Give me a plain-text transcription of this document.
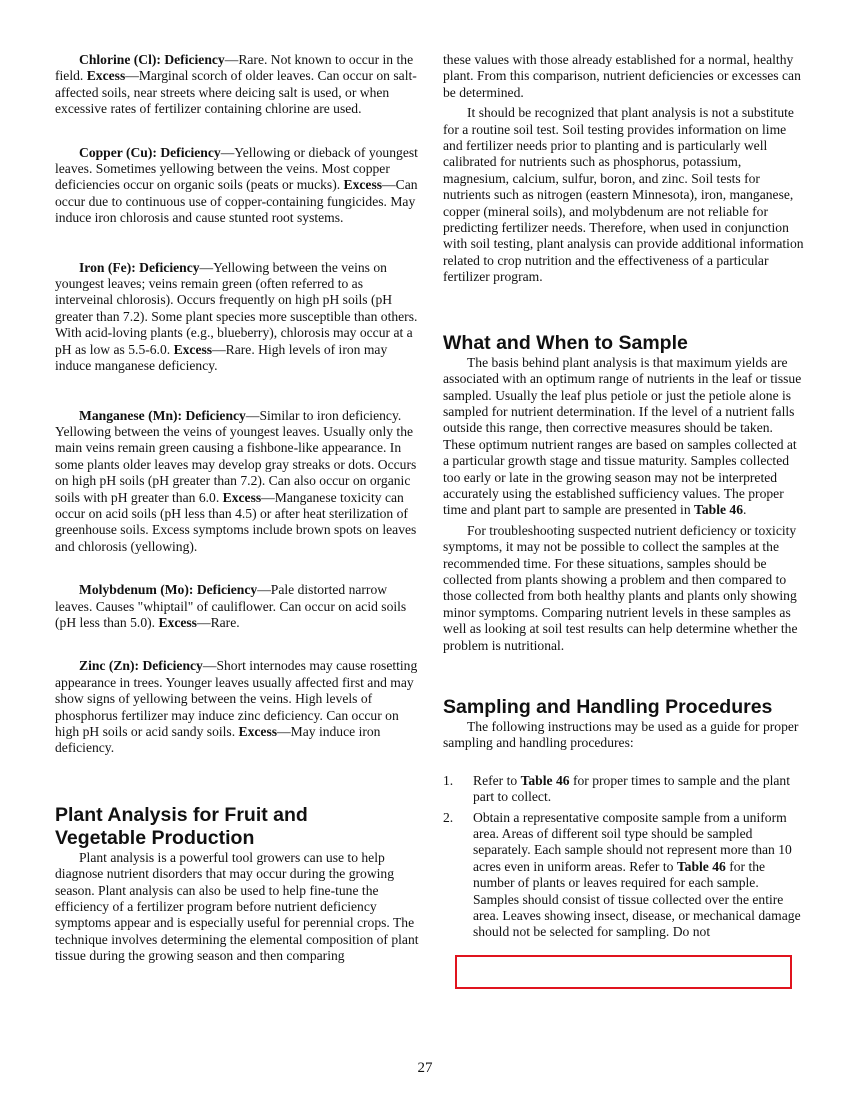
Chlorine (Cl): Deficiency—Rare. Not known to occur in the field. Excess—Marginal scorch of older leaves. Can occur on salt-affected soils, near streets where deicing salt is used, or when excessive rates of fertilizer containing chlorine are used.

Copper (Cu): Deficiency—Yellowing or dieback of youngest leaves. Sometimes yellowing between the veins. Most copper deficiencies occur on organic soils (peats or mucks). Excess—Can occur due to continuous use of copper-containing fungicides. May induce iron chlorosis and cause stunted root systems.

Iron (Fe): Deficiency—Yellowing between the veins on youngest leaves; veins remain green (often referred to as interveinal chlorosis). Occurs frequently on high pH soils (pH greater than 7.2). Some plant species more susceptible than others. With acid-loving plants (e.g., blueberry), chlorosis may occur at a pH as low as 5.5-6.0. Excess—Rare. High levels of iron may induce manganese deficiency.

Manganese (Mn): Deficiency—Similar to iron deficiency. Yellowing between the veins of youngest leaves. Usually only the main veins remain green causing a fishbone-like appearance. In some plants older leaves may develop gray streaks or dots. Occurs on high pH soils (pH greater than 7.2). Can also occur on organic soils with pH greater than 6.0. Excess—Manganese toxicity can occur on acid soils (pH less than 4.5) or after heat sterilization of greenhouse soils. Excess symptoms include brown spots on leaves and chlorosis (yellowing).

Molybdenum (Mo): Deficiency—Pale distorted narrow leaves. Causes "whiptail" of cauliflower. Can occur on acid soils (pH less than 5.0). Excess—Rare.

Zinc (Zn): Deficiency—Short internodes may cause rosetting appearance in trees. Younger leaves usually affected first and may show signs of yellowing between the veins. High levels of phosphorus fertilizer may induce zinc deficiency. Can occur on high pH soils or acid sandy soils. Excess—May induce iron deficiency.

Plant Analysis for Fruit and Vegetable Production

Plant analysis is a powerful tool growers can use to help diagnose nutrient disorders that may occur during the growing season. Plant analysis can also be used to help fine-tune the efficiency of a fertilizer program before nutrient deficiency symptoms appear and is especially useful for perennial crops. The technique involves determining the elemental composition of plant tissue during the growing season and then comparing

these values with those already established for a normal, healthy plant. From this comparison, nutrient deficiencies or excesses can be determined.

It should be recognized that plant analysis is not a substitute for a routine soil test. Soil testing provides information on lime and fertilizer needs prior to planting and is particularly well calibrated for nutrients such as phosphorus, potassium, magnesium, calcium, sulfur, boron, and zinc. Soil tests for nutrients such as nitrogen (eastern Minnesota), iron, manganese, copper (mineral soils), and molybdenum are not reliable for predicting fertilizer needs. Therefore, when used in conjunction with soil testing, plant analysis can provide additional information related to crop nutrition and the effectiveness of a particular fertilizer program.

What and When to Sample

The basis behind plant analysis is that maximum yields are associated with an optimum range of nutrients in the leaf or tissue sampled. Usually the leaf plus petiole or just the petiole alone is sampled for nutrient determination. If the level of a nutrient falls outside this range, then corrective measures should be taken. These optimum nutrient ranges are based on samples collected at a particular growth stage and tissue maturity. Samples collected too early or late in the growing season may not be interpreted accurately using the established sufficiency values. The proper time and plant part to sample are presented in Table 46.

For troubleshooting suspected nutrient deficiency or toxicity symptoms, it may not be possible to collect the samples at the recommended time. For these situations, samples should be collected from plants showing a problem and then compared to those collected from both healthy plants and plants only showing minor symptoms. Comparing nutrient levels in these samples as well as looking at soil test results can help determine whether the problem is nutritional.

Sampling and Handling Procedures

The following instructions may be used as a guide for proper sampling and handling procedures:

1. Refer to Table 46 for proper times to sample and the plant part to collect.
2. Obtain a representative composite sample from a uniform area. Areas of different soil type should be sampled separately. Each sample should not represent more than 10 acres even in uniform areas. Refer to Table 46 for the number of plants or leaves required for each sample. Samples should consist of tissue collected over the entire area. Leaves showing insect, disease, or mechanical damage should not be selected for sampling. Do not
27
